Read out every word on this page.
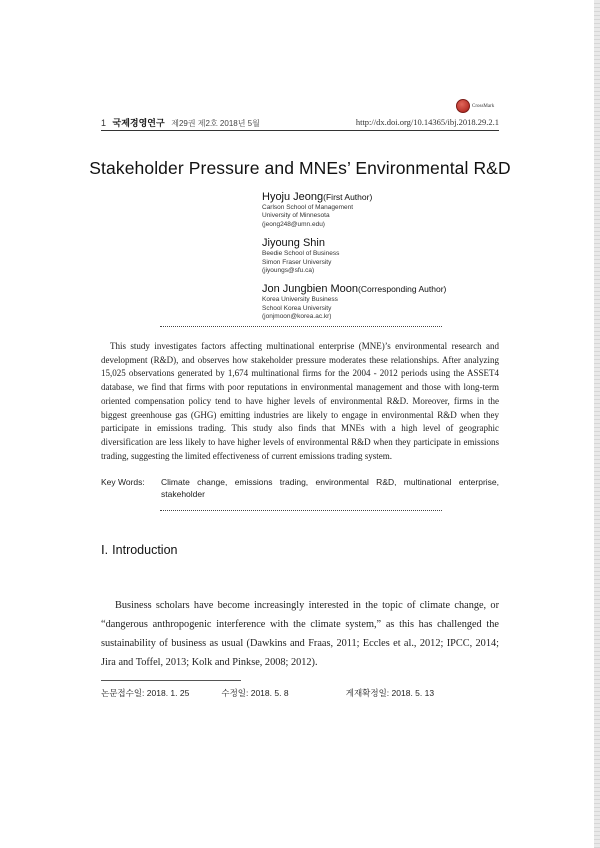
CrossMark
1 국제경영연구 제29권 제2호 2018년 5월	http://dx.doi.org/10.14365/ibj.2018.29.2.1
Stakeholder Pressure and MNEs’ Environmental R&D
Hyoju Jeong(First Author)
Carlson School of Management
University of Minnesota
(jeong248@umn.edu)
Jiyoung Shin
Beedie School of Business
Simon Fraser University
(jiyoungs@sfu.ca)
Jon Jungbien Moon(Corresponding Author)
Korea University Business
School Korea University
(jonjmoon@korea.ac.kr)

This study investigates factors affecting multinational enterprise (MNE)’s environmental research and development (R&D), and observes how stakeholder pressure moderates these relationships. After analyzing 15,025 observations generated by 1,674 multinational firms for the 2004 - 2012 periods using the ASSET4 database, we find that firms with poor reputations in environmental management and those with long-term oriented compensation policy tend to have higher levels of environmental R&D. Moreover, firms in the biggest greenhouse gas (GHG) emitting industries are likely to engage in environmental R&D when they participate in emissions trading. This study also finds that MNEs with a high level of geographic diversification are less likely to have higher levels of environmental R&D when they participate in emissions trading, suggesting the limited effectiveness of current emissions trading system.

Key Words:	Climate change, emissions trading, environmental R&D, multinational enterprise, stakeholder
Ⅰ. Introduction

Business scholars have become increasingly interested in the topic of climate change, or “dangerous anthropogenic interference with the climate system,” as this has challenged the sustainability of business as usual (Dawkins and Fraas, 2011; Eccles et al., 2012; IPCC, 2014; Jira and Toffel, 2013; Kolk and Pinkse, 2008; 2012).

논문접수일: 2018. 1. 25	수정일: 2018. 5. 8	게재확정일: 2018. 5. 13
